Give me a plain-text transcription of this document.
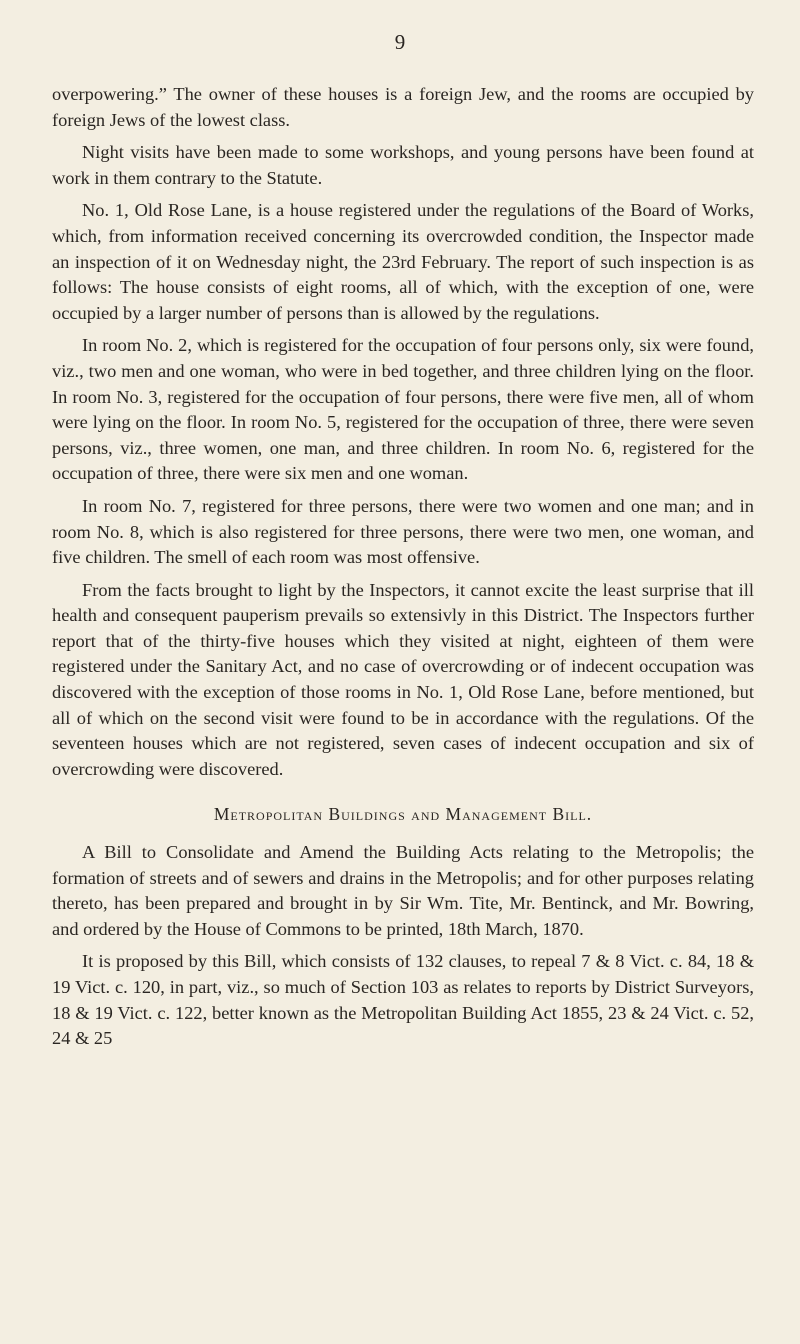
9

overpowering.” The owner of these houses is a foreign Jew, and the rooms are occupied by foreign Jews of the lowest class.

Night visits have been made to some workshops, and young persons have been found at work in them contrary to the Statute.

No. 1, Old Rose Lane, is a house registered under the regulations of the Board of Works, which, from information received concerning its overcrowded condition, the Inspector made an inspection of it on Wednesday night, the 23rd February. The report of such inspection is as follows: The house consists of eight rooms, all of which, with the exception of one, were occupied by a larger number of persons than is allowed by the regulations.

In room No. 2, which is registered for the occupation of four persons only, six were found, viz., two men and one woman, who were in bed together, and three children lying on the floor. In room No. 3, registered for the occupation of four persons, there were five men, all of whom were lying on the floor. In room No. 5, registered for the occupation of three, there were seven persons, viz., three women, one man, and three children. In room No. 6, registered for the occupation of three, there were six men and one woman.

In room No. 7, registered for three persons, there were two women and one man; and in room No. 8, which is also registered for three persons, there were two men, one woman, and five children. The smell of each room was most offensive.

From the facts brought to light by the Inspectors, it cannot excite the least surprise that ill health and consequent pauperism prevails so extensivly in this District. The Inspectors further report that of the thirty-five houses which they visited at night, eighteen of them were registered under the Sanitary Act, and no case of overcrowding or of indecent occupation was discovered with the exception of those rooms in No. 1, Old Rose Lane, before mentioned, but all of which on the second visit were found to be in accordance with the regulations. Of the seventeen houses which are not registered, seven cases of indecent occupation and six of overcrowding were discovered.

Metropolitan Buildings and Management Bill.

A Bill to Consolidate and Amend the Building Acts relating to the Metropolis; the formation of streets and of sewers and drains in the Metropolis; and for other purposes relating thereto, has been prepared and brought in by Sir Wm. Tite, Mr. Bentinck, and Mr. Bowring, and ordered by the House of Commons to be printed, 18th March, 1870.

It is proposed by this Bill, which consists of 132 clauses, to repeal 7 & 8 Vict. c. 84, 18 & 19 Vict. c. 120, in part, viz., so much of Section 103 as relates to reports by District Surveyors, 18 & 19 Vict. c. 122, better known as the Metropolitan Building Act 1855, 23 & 24 Vict. c. 52, 24 & 25
